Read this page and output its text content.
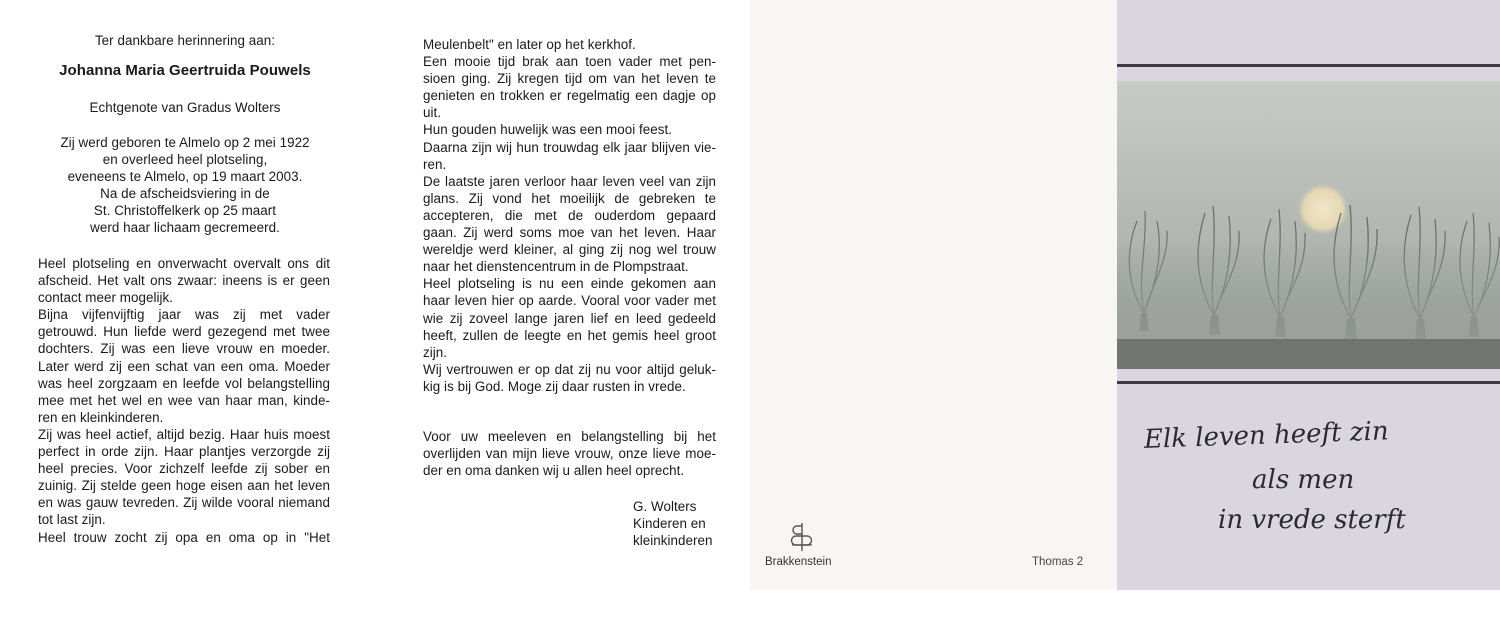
Ter dankbare herinnering aan:
Johanna Maria Geertruida Pouwels
Echtgenote van Gradus Wolters
Zij werd geboren te Almelo op 2 mei 1922
en overleed heel plotseling,
eveneens te Almelo, op 19 maart 2003.
Na de afscheidsviering in de
St. Christoffelkerk op 25 maart
werd haar lichaam gecremeerd.
Heel plotseling en onverwacht overvalt ons dit
afscheid. Het valt ons zwaar: ineens is er geen
contact meer mogelijk.
Bijna vijfenvijftig jaar was zij met vader
getrouwd. Hun liefde werd gezegend met twee
dochters. Zij was een lieve vrouw en moeder.
Later werd zij een schat van een oma. Moeder
was heel zorgzaam en leefde vol belangstelling
mee met het wel en wee van haar man, kinde-
ren en kleinkinderen.
Zij was heel actief, altijd bezig. Haar huis moest
perfect in orde zijn. Haar plantjes verzorgde zij
heel precies. Voor zichzelf leefde zij sober en
zuinig. Zij stelde geen hoge eisen aan het leven
en was gauw tevreden. Zij wilde vooral niemand
tot last zijn.
Heel trouw zocht zij opa en oma op in "Het
Meulenbelt" en later op het kerkhof.
Een mooie tijd brak aan toen vader met pen-
sioen ging. Zij kregen tijd om van het leven te
genieten en trokken er regelmatig een dagje op
uit.
Hun gouden huwelijk was een mooi feest.
Daarna zijn wij hun trouwdag elk jaar blijven vie-
ren.
De laatste jaren verloor haar leven veel van zijn
glans. Zij vond het moeilijk de gebreken te
accepteren, die met de ouderdom gepaard
gaan. Zij werd soms moe van het leven. Haar
wereldje werd kleiner, al ging zij nog wel trouw
naar het dienstencentrum in de Plompstraat.
Heel plotseling is nu een einde gekomen aan
haar leven hier op aarde. Vooral voor vader met
wie zij zoveel lange jaren lief en leed gedeeld
heeft, zullen de leegte en het gemis heel groot
zijn.
Wij vertrouwen er op dat zij nu voor altijd geluk-
kig is bij God. Moge zij daar rusten in vrede.
Voor uw meeleven en belangstelling bij het
overlijden van mijn lieve vrouw, onze lieve moe-
der en oma danken wij u allen heel oprecht.
G. Wolters
Kinderen en
kleinkinderen
Brakkenstein	Thomas 2
Elk leven heeft zin
als men
in vrede sterft
